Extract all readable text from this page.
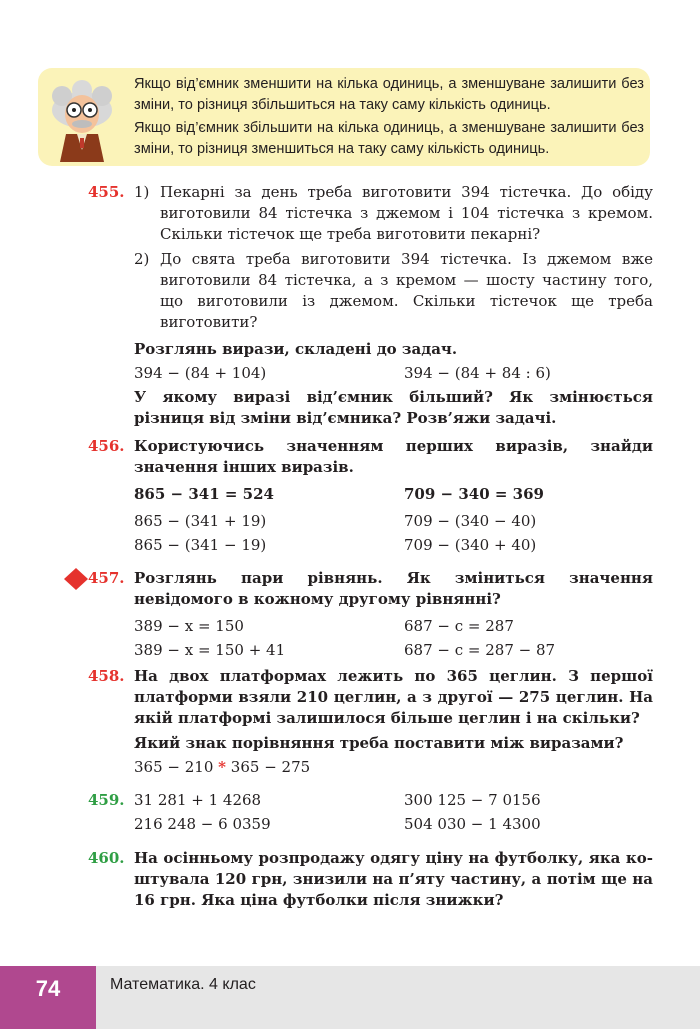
Якщо від’ємник зменшити на кілька одиниць, а зменшуване залишити без зміни, то різниця збільшиться на таку саму кількість одиниць.

Якщо від’ємник збільшити на кілька одиниць, а зменшуване залишити без зміни, то різниця зменшиться на таку саму кількість одиниць.

455. 1) Пекарні за день треба виготовити 394 тістечка. До обіду виготовили 84 тістечка з джемом і 104 тістечка з кремом. Скільки тістечок ще треба виготовити пекарні?

2) До свята треба виготовити 394 тістечка. Із джемом вже виготовили 84 тістечка, а з кремом — шосту частину того, що виготовили із джемом. Скільки тістечок ще треба виготовити?

Розглянь вирази, складені до задач.

394 − (84 + 104)	394 − (84 + 84 : 6)

У якому виразі від’ємник більший? Як змінюється різниця від зміни від’ємника? Розв’яжи задачі.

456. Користуючись значенням перших виразів, знайди значення інших виразів.

865 − 341 = 524	709 − 340 = 369
865 − (341 + 19)	709 − (340 − 40)
865 − (341 − 19)	709 − (340 + 40)
457. Розглянь пари рівнянь. Як зміниться значення невідомого в кожному другому рівнянні?

389 − x = 150	687 − c = 287
389 − x = 150 + 41	687 − c = 287 − 87
458. На двох платформах лежить по 365 цеглин. З першої платформи взяли 210 цеглин, а з другої — 275 цеглин. На якій платформі залишилося більше цеглин і на скільки?

Який знак порівняння треба поставити між виразами?

365 − 210 * 365 − 275
459. 31 281 + 1 4268	300 125 − 7 0156
216 248 − 6 0359	504 030 − 1 4300
460. На осінньому розпродажу одягу ціну на футболку, яка коштувала 120 грн, знизили на п’яту частину, а потім ще на 16 грн. Яка ціна футболки після знижки?

74	Математика. 4 клас
